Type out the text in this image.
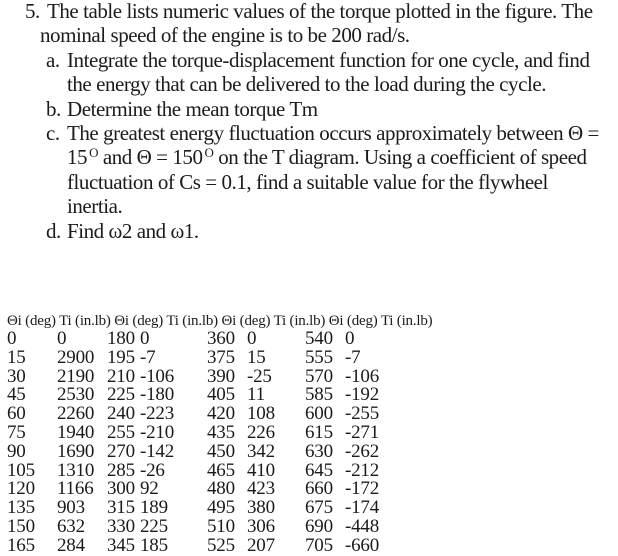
5. The table lists numeric values of the torque plotted in the figure. The
nominal speed of the engine is to be 200 rad/s.
a. Integrate the torque-displacement function for one cycle, and find
the energy that can be delivered to the load during the cycle.
b. Determine the mean torque Tm
c. The greatest energy fluctuation occurs approximately between Θ =
15 $^O$ and Θ = 150 $^O$ on the T diagram. Using a coefficient of speed
fluctuation of Cs = 0.1, find a suitable value for the flywheel
inertia.
d. Find ω2 and ω1.
Θi (deg) Ti (in.lb) Θi (deg) Ti (in.lb) Θi (deg) Ti (in.lb) Θi (deg) Ti (in.lb)
0	0	180 0	360 0	540 0
15	2900 195 -7	375 15	555 -7
30	2190 210 -106	390 -25	570 -106
45	2530 225 -180	405 11	585 -192
60	2260 240 -223	420 108	600 -255
75	1940 255 -210	435 226	615 -271
90	1690 270 -142	450 342	630 -262
105	1310 285 -26	465 410	645 -212
120	1166 300 92	480 423	660 -172
135	903	315 189	495 380	675 -174
150	632	330 225	510 306	690 -448
165	284	345 185	525 207	705 -660
